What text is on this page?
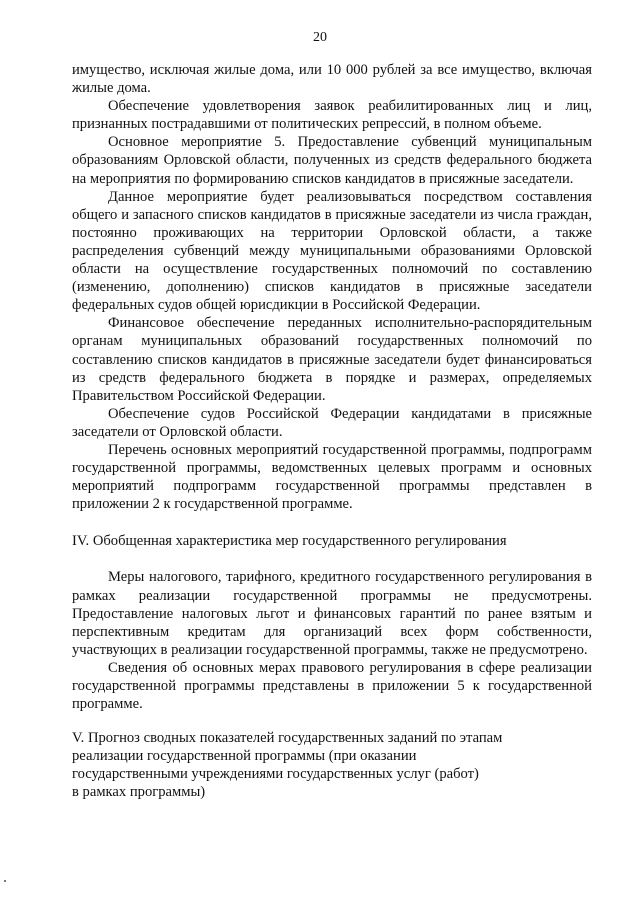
20

имущество, исключая жилые дома, или 10 000 рублей за все имущество, включая жилые дома.

Обеспечение удовлетворения заявок реабилитированных лиц и лиц, признанных пострадавшими от политических репрессий, в полном объеме.

Основное мероприятие 5. Предоставление субвенций муниципальным образованиям Орловской области, полученных из средств федерального бюджета на мероприятия по формированию списков кандидатов в присяжные заседатели.

Данное мероприятие будет реализовываться посредством составления общего и запасного списков кандидатов в присяжные заседатели из числа граждан, постоянно проживающих на территории Орловской области, а также распределения субвенций между муниципальными образованиями Орловской области на осуществление государственных полномочий по составлению (изменению, дополнению) списков кандидатов в присяжные заседатели федеральных судов общей юрисдикции в Российской Федерации.

Финансовое обеспечение переданных исполнительно-распорядительным органам муниципальных образований государственных полномочий по составлению списков кандидатов в присяжные заседатели будет финансироваться из средств федерального бюджета в порядке и размерах, определяемых Правительством Российской Федерации.

Обеспечение судов Российской Федерации кандидатами в присяжные заседатели от Орловской области.

Перечень основных мероприятий государственной программы, подпрограмм государственной программы, ведомственных целевых программ и основных мероприятий подпрограмм государственной программы представлен в приложении 2 к государственной программе.

IV. Обобщенная характеристика мер государственного регулирования

Меры налогового, тарифного, кредитного государственного регулирования в рамках реализации государственной программы не предусмотрены. Предоставление налоговых льгот и финансовых гарантий по ранее взятым и перспективным кредитам для организаций всех форм собственности, участвующих в реализации государственной программы, также не предусмотрено.

Сведения об основных мерах правового регулирования в сфере реализации государственной программы представлены в приложении 5 к государственной программе.

V. Прогноз сводных показателей государственных заданий по этапам

реализации государственной программы (при оказании

государственными учреждениями государственных услуг (работ)

в рамках программы)
